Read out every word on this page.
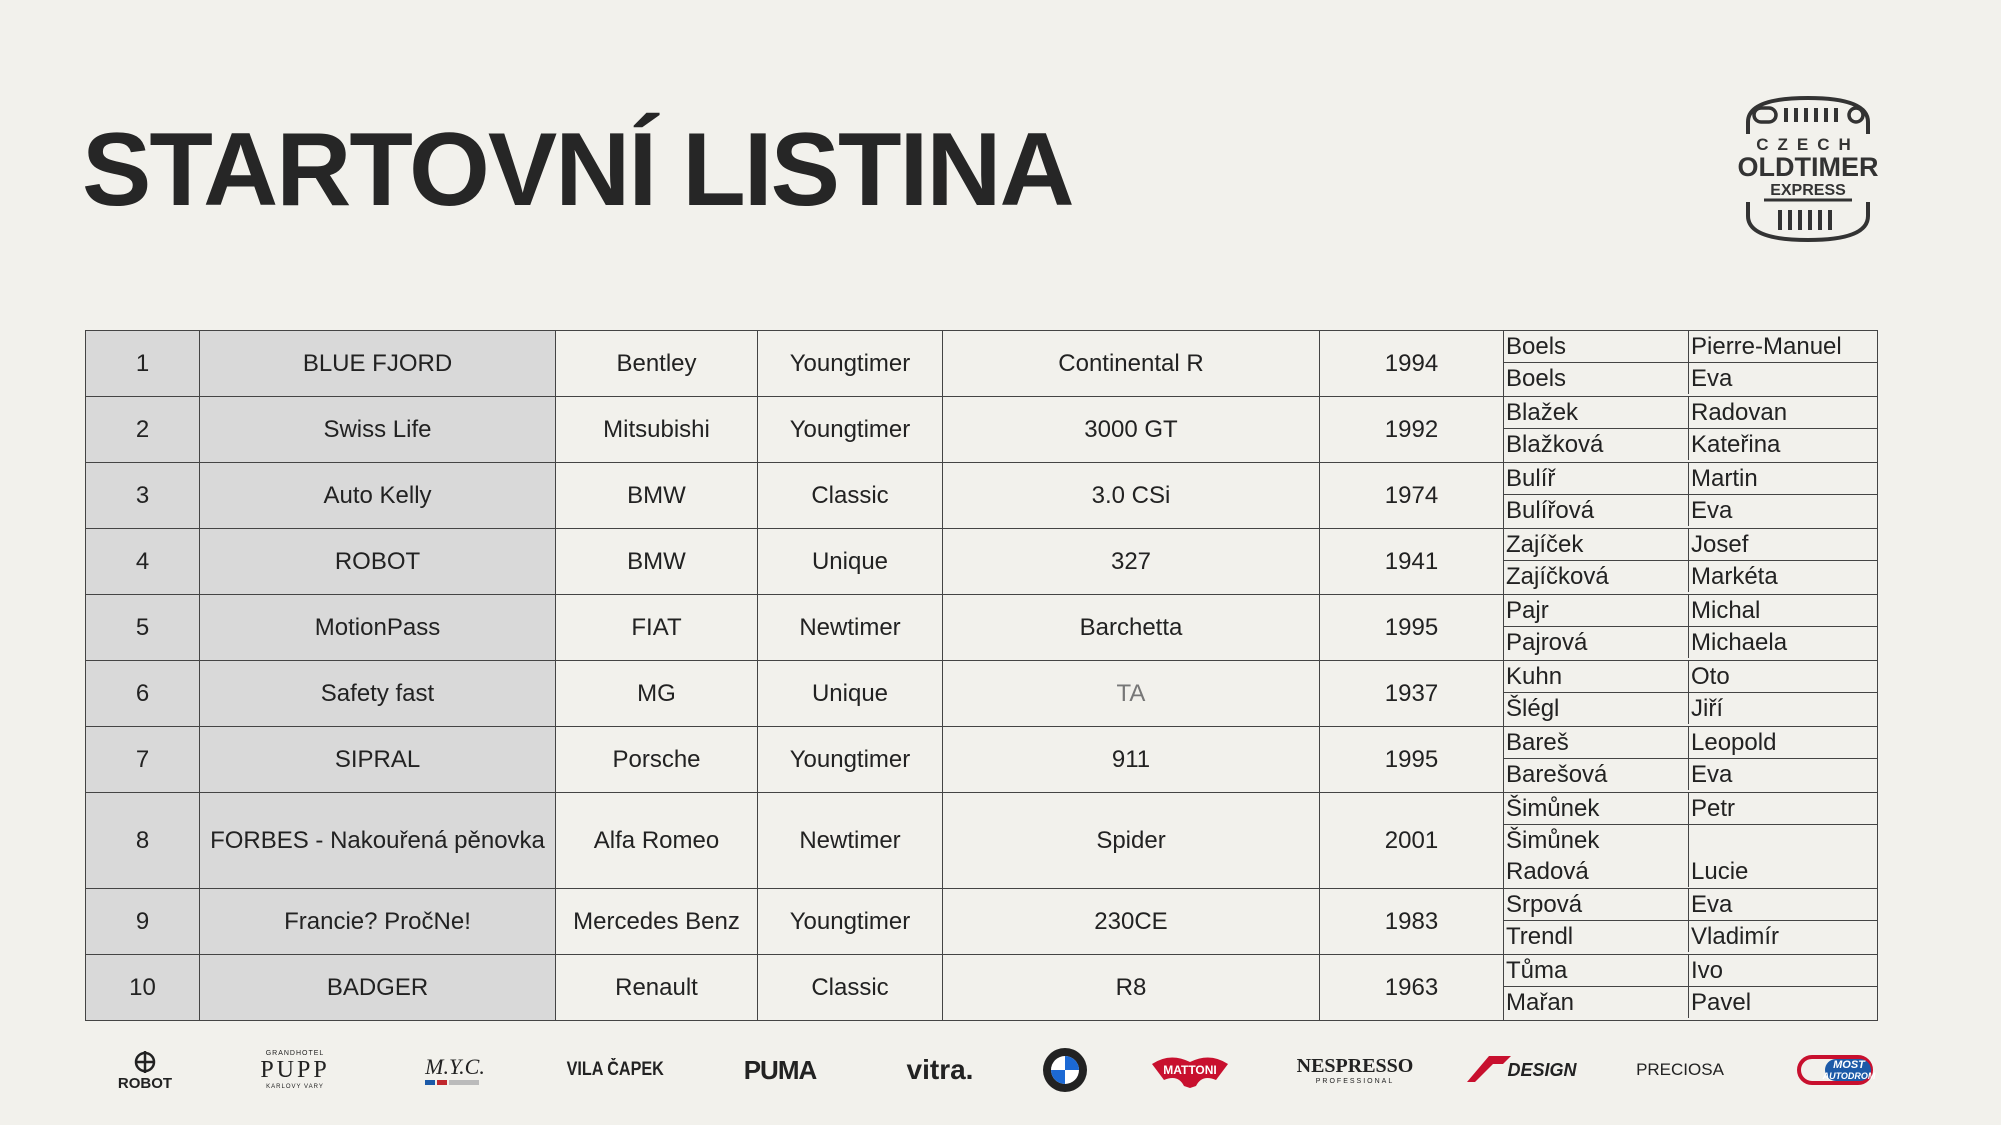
STARTOVNÍ LISTINA	CZECH
OLDTIMER
EXPRESS
1	BLUE FJORD	Bentley	Youngtimer	Continental R	1994	
Boels	Pierre-Manuel
Boels	Eva

2	Swiss Life	Mitsubishi	Youngtimer	3000 GT	1992	
Blažek	Radovan
Blažková	Kateřina

3	Auto Kelly	BMW	Classic	3.0 CSi	1974	
Bulíř	Martin
Bulířová	Eva

4	ROBOT	BMW	Unique	327	1941	
Zajíček	Josef
Zajíčková	Markéta

5	MotionPass	FIAT	Newtimer	Barchetta	1995	
Pajr	Michal
Pajrová	Michaela

6	Safety fast	MG	Unique	TA	1937	
Kuhn	Oto
Šlégl	Jiří

7	SIPRAL	Porsche	Youngtimer	911	1995	
Bareš	Leopold
Barešová	Eva

8	FORBES - Nakouřená pěnovka	Alfa Romeo	Newtimer	Spider	2001	
Šimůnek	Petr
Šimůnek Radová	Lucie

9	Francie? PročNe!	Mercedes Benz	Youngtimer	230CE	1983	
Srpová	Eva
Trendl	Vladimír

10	BADGER	Renault	Classic	R8	1963	
Tůma	Ivo
Mařan	Pavel
ROBOT
GRANDHOTEL
PUPP
KARLOVY VARY
M.Y.C.	VILA ČAPEK	PUMA	vitra.	MATTONI	NESPRESSO
PROFESSIONAL
DESIGN	PRECIOSA	MOST
AUTODROM
